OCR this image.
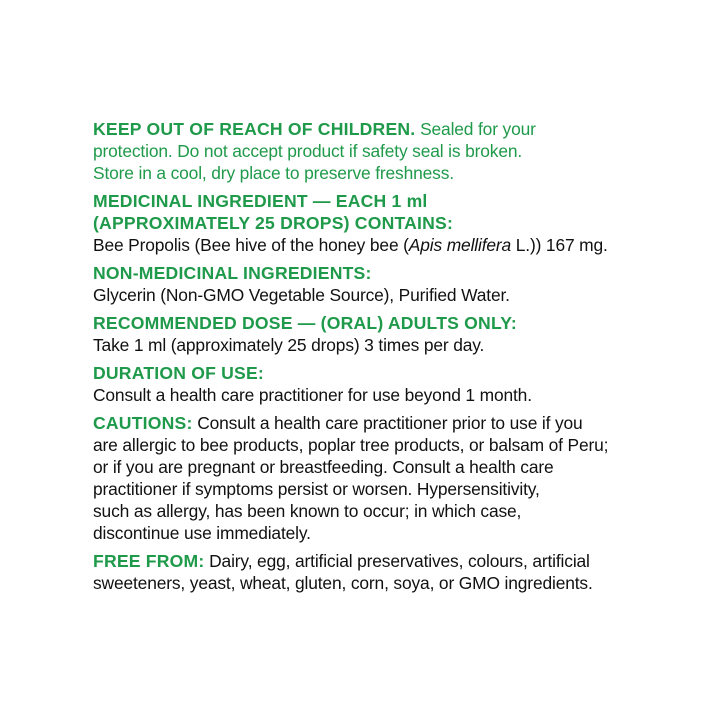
KEEP OUT OF REACH OF CHILDREN. Sealed for your
protection. Do not accept product if safety seal is broken.
Store in a cool, dry place to preserve freshness.
MEDICINAL INGREDIENT — EACH 1 ml
(APPROXIMATELY 25 DROPS) CONTAINS:
Bee Propolis (Bee hive of the honey bee (Apis mellifera L.)) 167 mg.
NON-MEDICINAL INGREDIENTS:
Glycerin (Non-GMO Vegetable Source), Purified Water.
RECOMMENDED DOSE — (ORAL) ADULTS ONLY:
Take 1 ml (approximately 25 drops) 3 times per day.
DURATION OF USE:
Consult a health care practitioner for use beyond 1 month.
CAUTIONS: Consult a health care practitioner prior to use if you
are allergic to bee products, poplar tree products, or balsam of Peru;
or if you are pregnant or breastfeeding. Consult a health care
practitioner if symptoms persist or worsen. Hypersensitivity,
such as allergy, has been known to occur; in which case,
discontinue use immediately.
FREE FROM: Dairy, egg, artificial preservatives, colours, artificial
sweeteners, yeast, wheat, gluten, corn, soya, or GMO ingredients.
